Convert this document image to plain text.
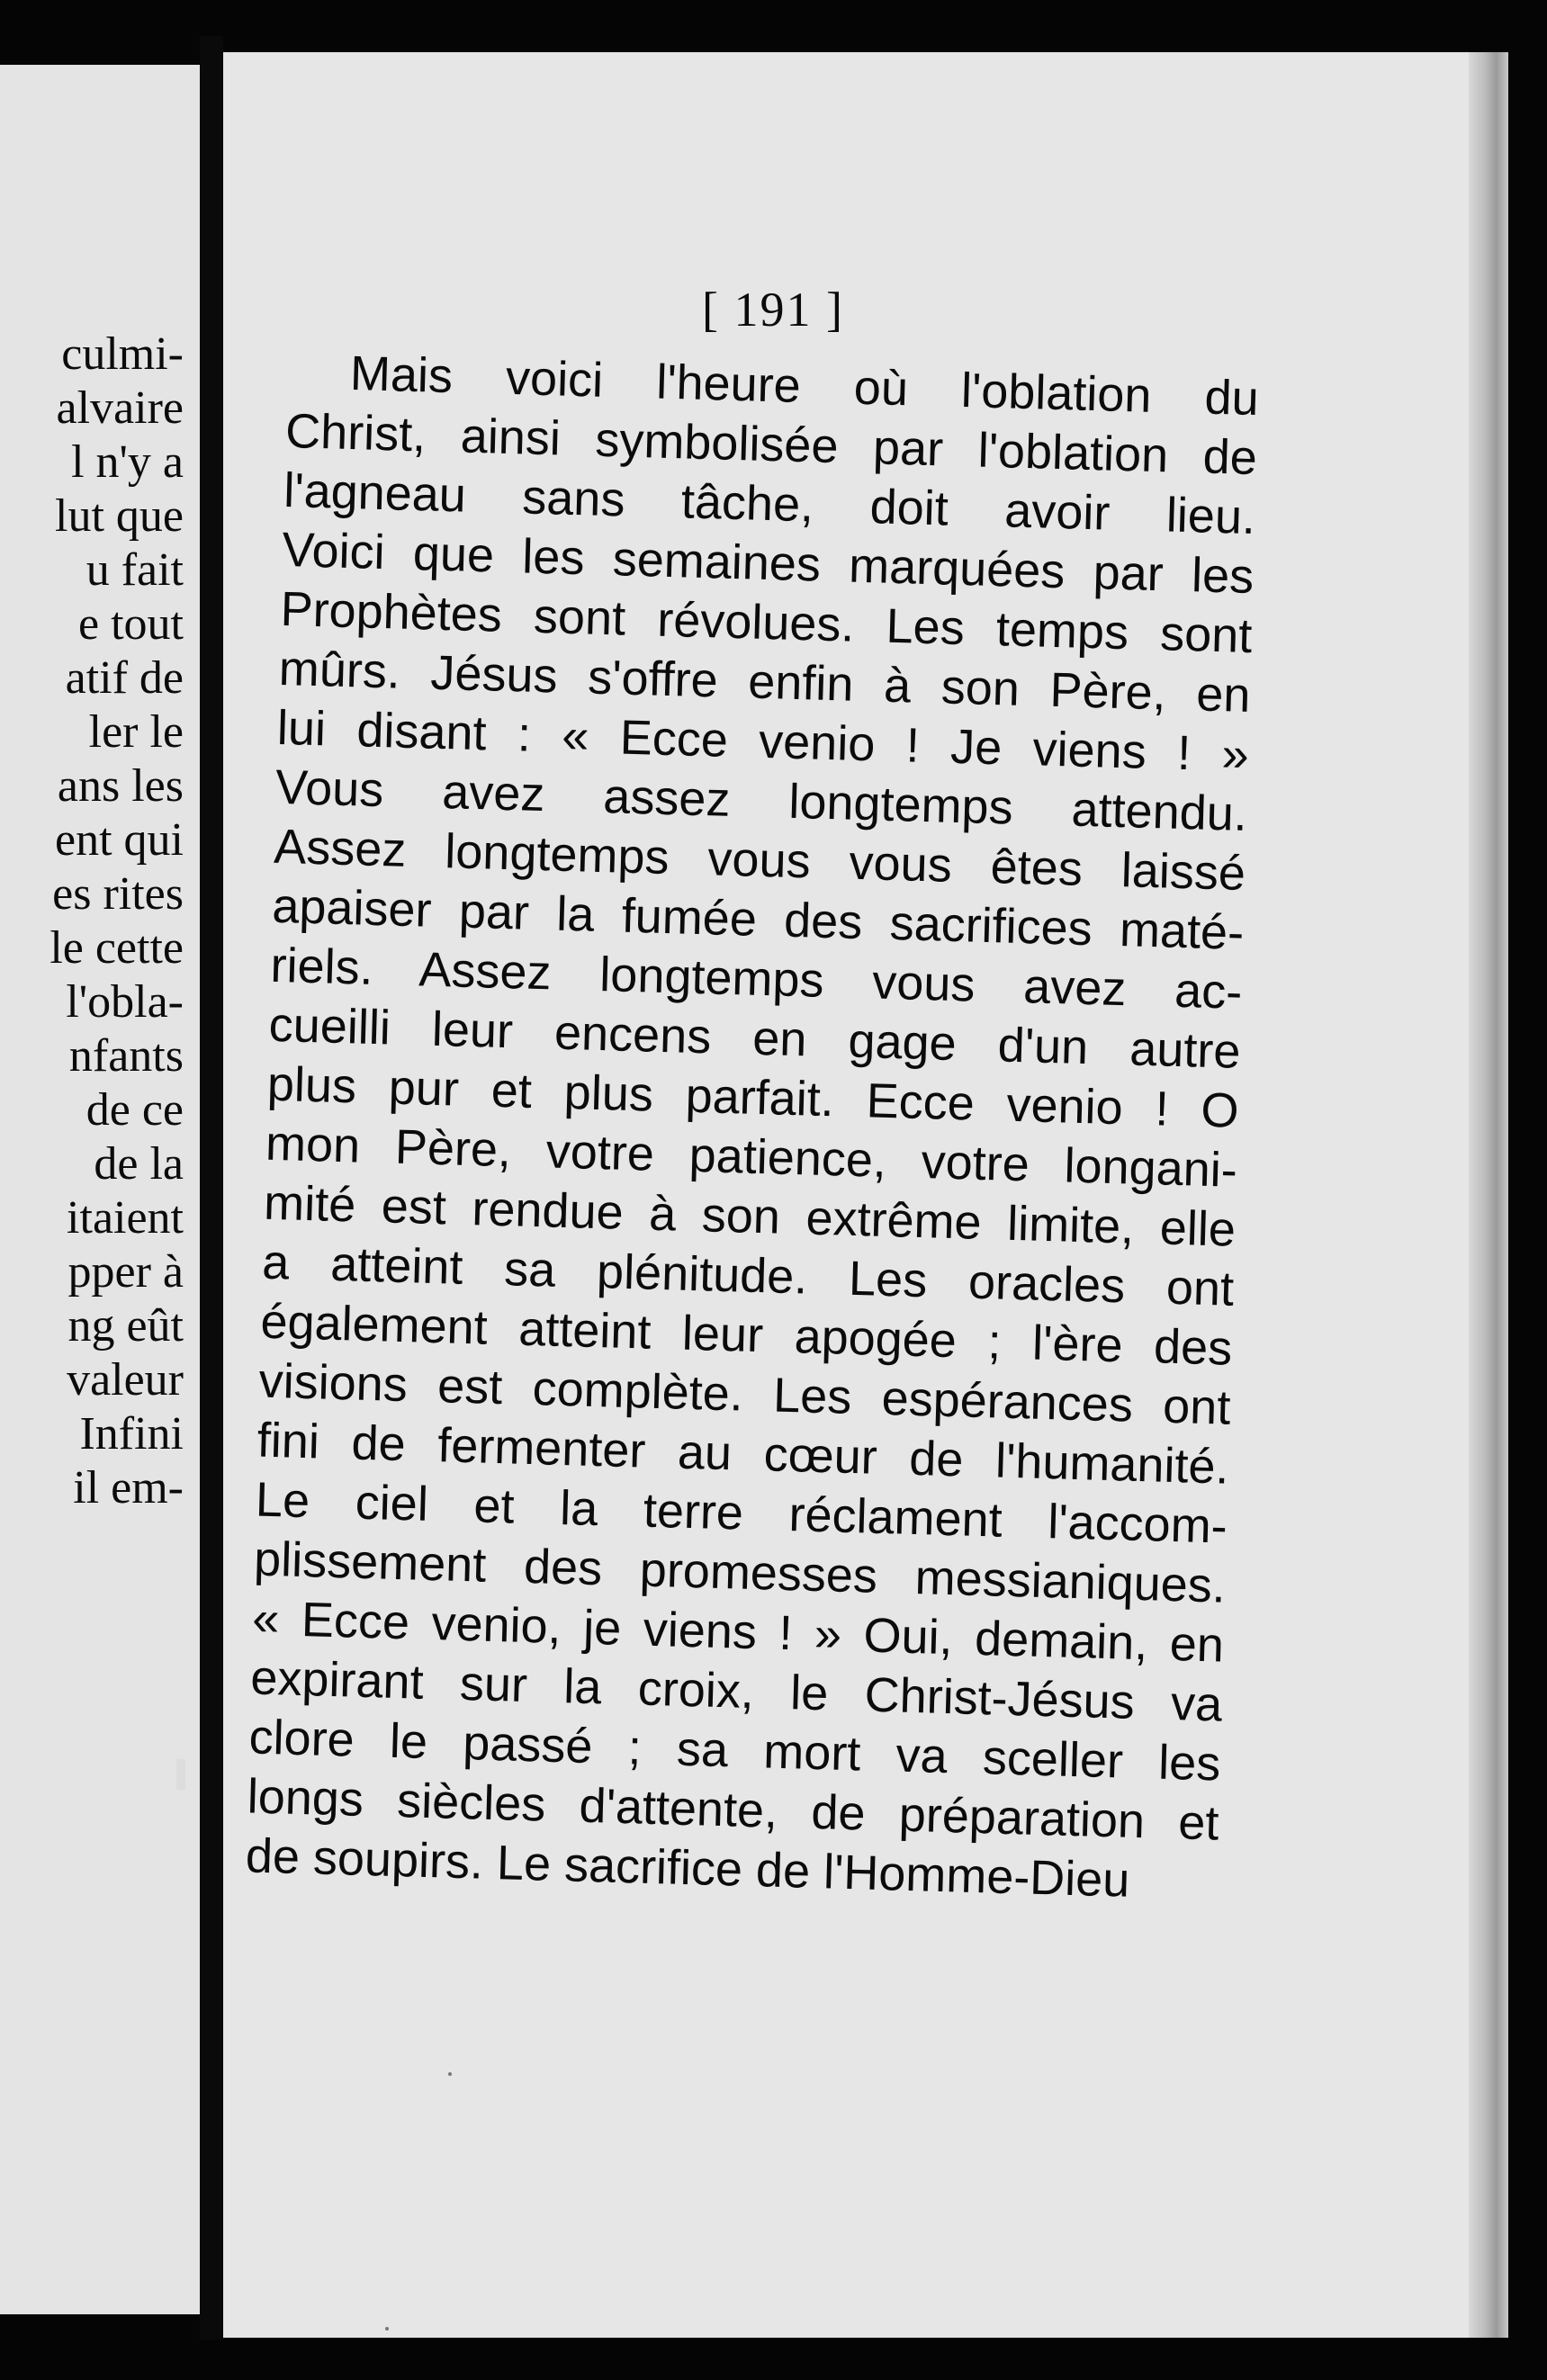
culmi-
alvaire
l n'y a
lut que
u fait
e tout
atif de
ler le
ans les
ent qui
es rites
le cette
l'obla-
nfants
de ce
de la
itaient
pper à
ng eût
valeur
Infini
il em-
[ 191 ]
Mais voici l'heure où l'oblation du
Christ, ainsi symbolisée par l'oblation de
l'agneau sans tâche, doit avoir lieu.
Voici que les semaines marquées par les
Prophètes sont révolues. Les temps sont
mûrs. Jésus s'offre enfin à son Père, en
lui disant : « Ecce venio ! Je viens ! »
Vous avez assez longtemps attendu.
Assez longtemps vous vous êtes laissé
apaiser par la fumée des sacrifices maté-
riels. Assez longtemps vous avez ac-
cueilli leur encens en gage d'un autre
plus pur et plus parfait. Ecce venio ! O
mon Père, votre patience, votre longani-
mité est rendue à son extrême limite, elle
a atteint sa plénitude. Les oracles ont
également atteint leur apogée ; l'ère des
visions est complète. Les espérances ont
fini de fermenter au cœur de l'humanité.
Le ciel et la terre réclament l'accom-
plissement des promesses messianiques.
« Ecce venio, je viens ! » Oui, demain, en
expirant sur la croix, le Christ-Jésus va
clore le passé ; sa mort va sceller les
longs siècles d'attente, de préparation et
de soupirs. Le sacrifice de l'Homme-Dieu
